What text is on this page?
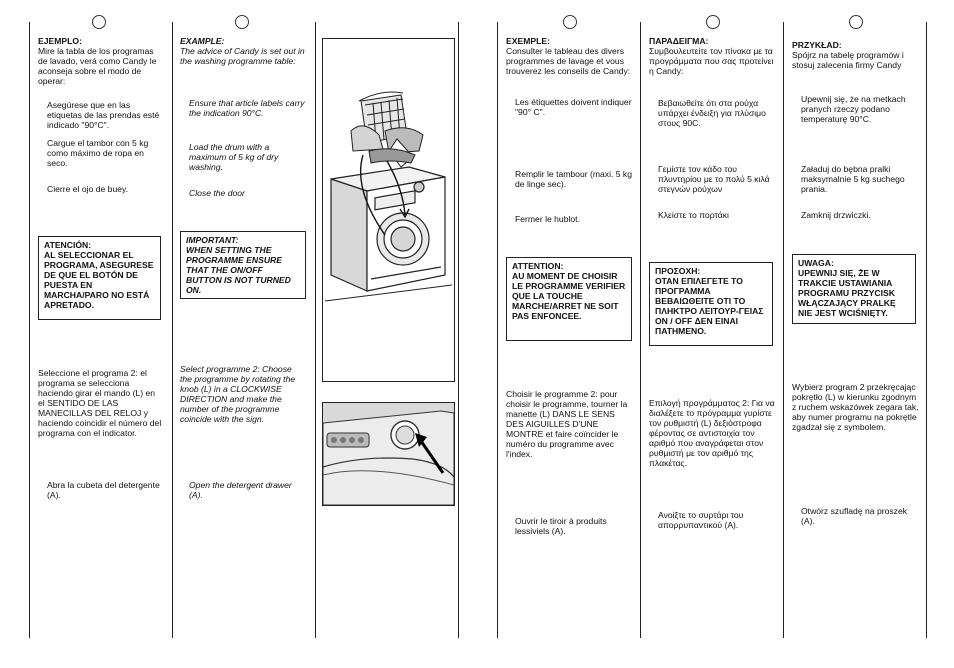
EJEMPLO:
Mire la tabla de los programas de lavado, verá como Candy le aconseja sobre el modo de operar:
Asegúrese que en las etiquetas de las prendas esté indicado "90°C".
Cargue el tambor con 5 kg como máximo de ropa en seco.
Cierre el ojo de buey.
ATENCIÓN:
AL SELECCIONAR EL PROGRAMA, ASEGURESE DE QUE EL BOTÓN DE PUESTA EN MARCHA/PARO NO ESTÁ APRETADO.
Seleccione el programa 2: el programa se selecciona haciendo girar el mando (L) en el SENTIDO DE LAS MANECILLAS DEL RELOJ y haciendo coincidir el número del programa con el indicator.
Abra la cubeta del detergente (A).
EXAMPLE:
The advice of Candy is set out in the washing programme table:
Ensure that article labels carry the indication 90°C.
Load the drum with a maximum of 5 kg of dry washing.
Close the door
IMPORTANT:
WHEN SETTING THE PROGRAMME ENSURE THAT THE ON/OFF BUTTON IS NOT TURNED ON.
Select programme 2: Choose the programme by rotating the knob (L) in a CLOCKWISE DIRECTION and make the number of the programme coincide with the sign.
Open the detergent drawer (A).
EXEMPLE:
Consulter le tableau des divers programmes de lavage et vous trouverez les conseils de Candy:
Les étiquettes doivent indiquer "90° C".
Remplir le tambour (maxi. 5 kg de linge sec).
Fermer le hublot.
ATTENTION:
AU MOMENT DE CHOISIR LE PROGRAMME VERIFIER QUE LA TOUCHE MARCHE/ARRET NE SOIT PAS ENFONCEE.
Choisir le programme 2: pour choisir le programme, tourner la manette (L) DANS LE SENS DES AIGUILLES D'UNE MONTRE et faire coïncider le numéro du programme avec l'index.
Ouvrir le tiroir à produits lessiviels (A).
ΠΑΡΑΔΕΙΓΜΑ:
Συμβουλευτείτε τον πίνακα με τα προγράμματα που σας προτείνει η Candy:
Βεβαιωθείτε ότι στα ρούχα υπάρχει ένδειξη για πλύσιμο στους 90C.
Γεμίστε τον κάδο του πλυντηρίου με το πολύ 5 κιλά στεγνών ρούχων
Κλείστε το πορτάκι
ΠΡΟΣΟΧΗ:
ΟΤΑΝ ΕΠΙΛΕΓΕΤΕ ΤΟ ΠΡΟΓΡΑΜΜΑ ΒΕΒΑΙΩΘΕΙΤΕ ΟΤΙ ΤΟ ΠΛΗΚΤΡΟ ΛΕΙΤΟΥΡ-ΓΕΙΑΣ ON / OFF ΔΕΝ ΕΙΝΑΙ ΠΑΤΗΜΕΝΟ.
Επιλογή προγράμματος 2: Για να διαλέξετε το πρόγραμμα γυρίστε τον ρυθμιστή (L) δεξιόστροφα φέροντας σε αντιστοιχία τον αριθμό που αναγράφεται στον ρυθμιστή με τον αριθμό της πλακέτας.
Ανοίξτε το συρτάρι του απορρυπαντικού (A).
PRZYKŁAD:
Spójrz na tabelę programów i stosuj zalecenia firmy Candy
Upewnij się, że na metkach pranych rzeczy podano temperaturę 90°C.
Załaduj do bębna pralki maksymalnie 5 kg suchego prania.
Zamknij drzwiczki.
UWAGA:
UPEWNIJ SIĘ, ŻE W TRAKCIE USTAWIANIA PROGRAMU PRZYCISK WŁĄCZAJĄCY PRALKĘ NIE JEST WCIŚNIĘTY.
Wybierz program 2 przekręcając pokrętło (L) w kierunku zgodnym z ruchem wskazówek zegara tak, aby numer programu na pokrętle zgadzał się z symbolem.
Otwórz szufladę na proszek (A).
